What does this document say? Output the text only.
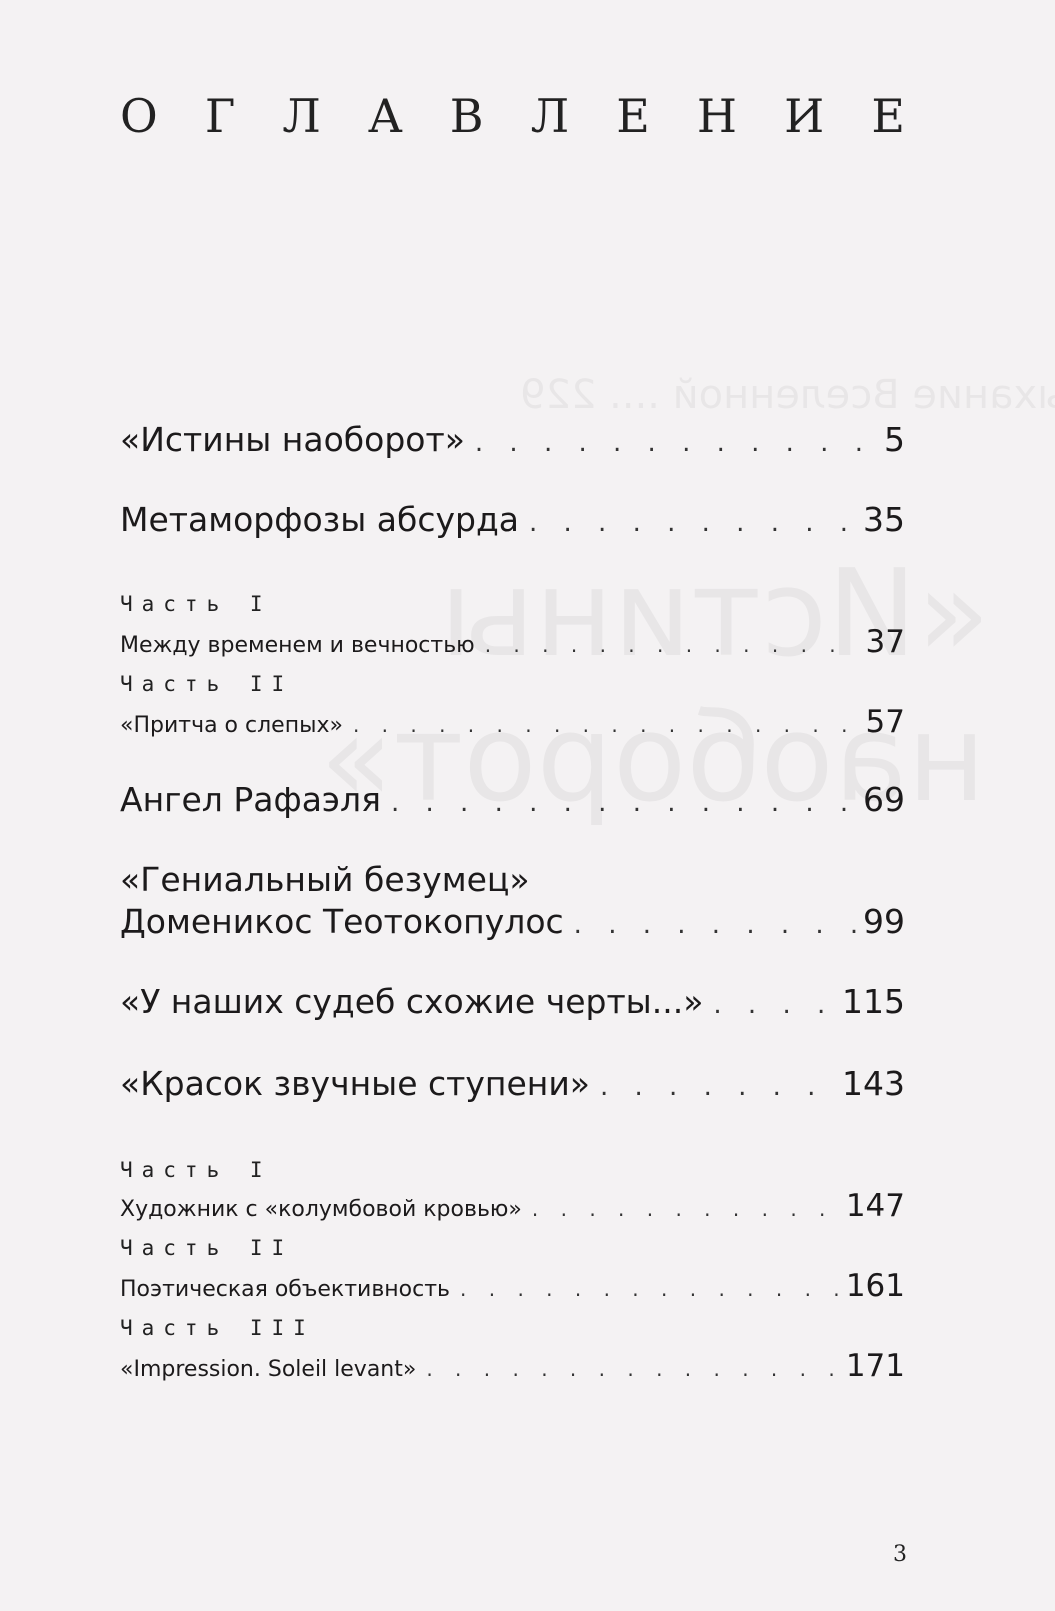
О Г Л А В Л Е Н И Е
«Истины наоборот» . . .	5
Метаморфозы абсурда . . .	35
Часть I
Между временем и вечностью . . .	37
Часть II
«Притча о слепых» . . .	57
Ангел Рафаэля . . .	69
«Гениальный безумец»
Доменикос Теотокопулос . . .	99
«У наших судеб схожие черты...» . . .	115
«Красок звучные ступени» . . .	143
Часть I
Художник с «колумбовой кровью» . . .	147
Часть II
Поэтическая объективность . . .	161
Часть III
«Impression. Soleil levant» . . .	171
3
